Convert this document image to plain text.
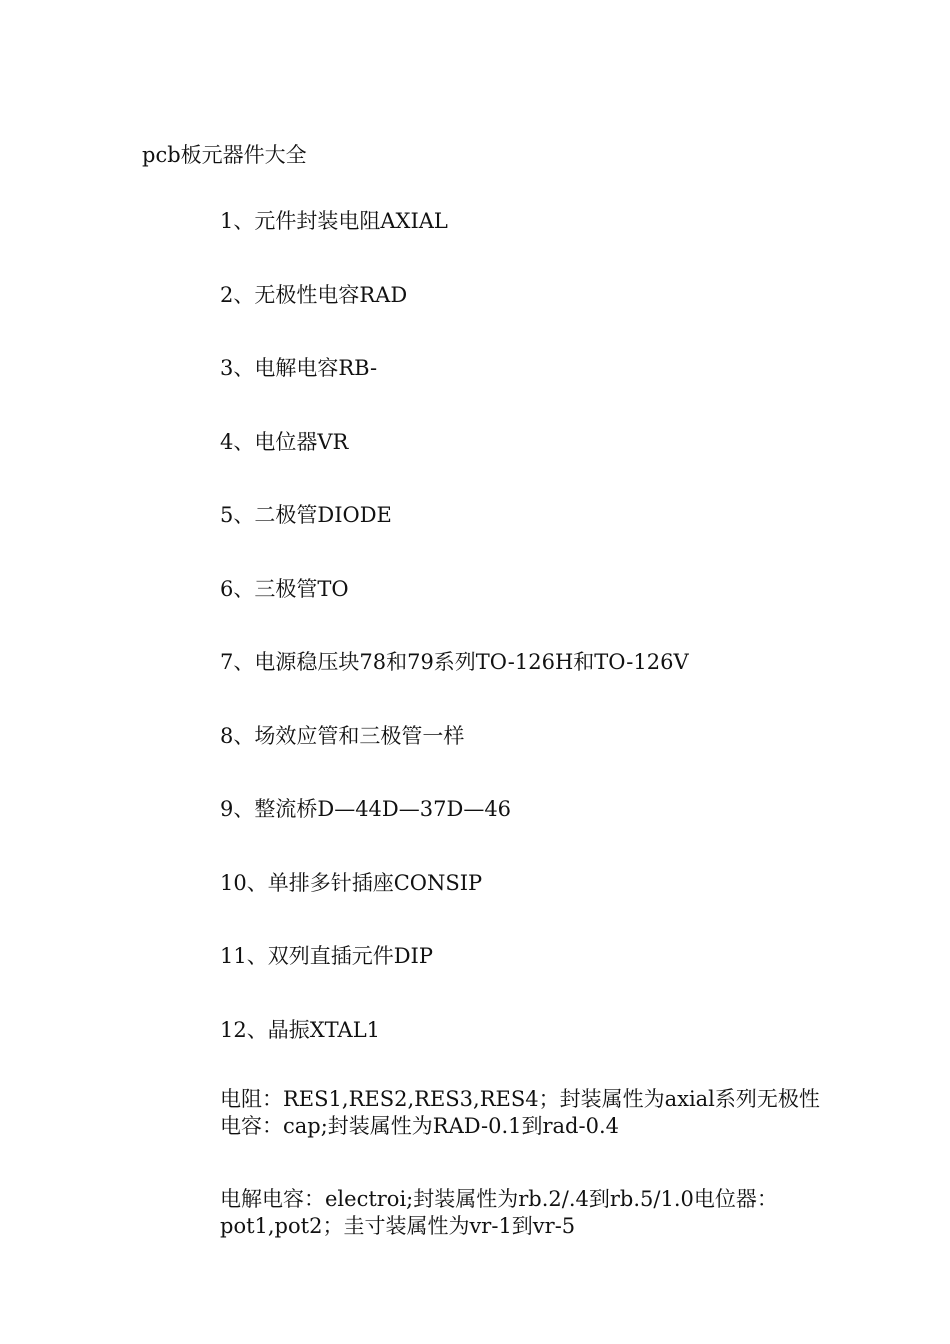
pcb板元器件大全
1、元件封装电阻AXIAL
2、无极性电容RAD
3、电解电容RB-
4、电位器VR
5、二极管DIODE
6、三极管TO
7、电源稳压块78和79系列TO-126H和TO-126V
8、场效应管和三极管一样
9、整流桥D—44D—37D—46
10、单排多针插座CONSIP
11、双列直插元件DIP
12、晶振XTAL1

电阻：RES1,RES2,RES3,RES4；封装属性为axial系列无极性电容：cap;封装属性为RAD-0.1到rad-0.4

电解电容：electroi;封装属性为rb.2/.4到rb.5/1.0电位器：pot1,pot2；圭寸装属性为vr-1到vr-5
